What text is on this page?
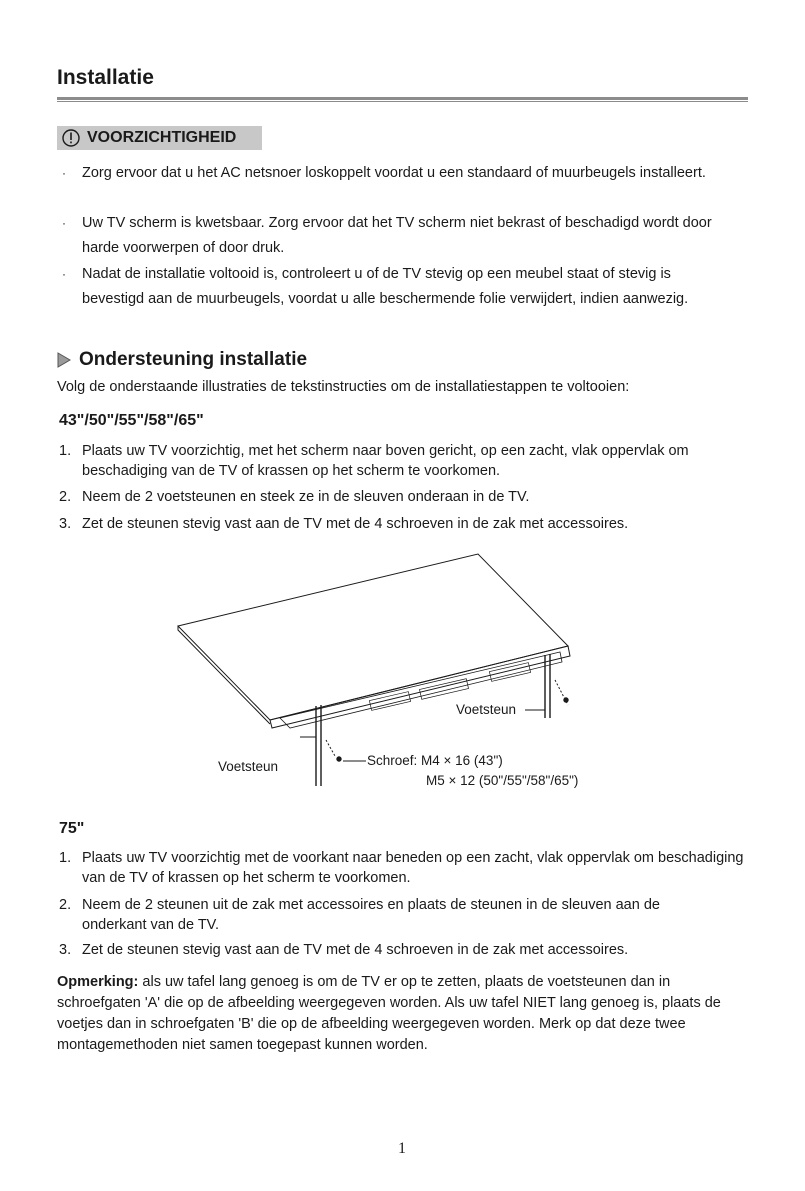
Installatie
VOORZICHTIGHEID
· Zorg ervoor dat u het AC netsnoer loskoppelt voordat u een standaard of muurbeugels installeert.
· Uw TV scherm is kwetsbaar. Zorg ervoor dat het TV scherm niet bekrast of beschadigd wordt door harde voorwerpen of door druk.
· Nadat de installatie voltooid is, controleert u of de TV stevig op een meubel staat of stevig is bevestigd aan de muurbeugels, voordat u alle beschermende folie verwijdert, indien aanwezig.
Ondersteuning installatie
Volg de onderstaande illustraties de tekstinstructies om de installatiestappen te voltooien:
43"/50"/55"/58"/65"
1. Plaats uw TV voorzichtig, met het scherm naar boven gericht, op een zacht, vlak oppervlak om beschadiging van de TV of krassen op het scherm te voorkomen.
2. Neem de 2 voetsteunen en steek ze in de sleuven onderaan in de TV.
3. Zet de steunen stevig vast aan de TV met de 4 schroeven in de zak met accessoires.
Voetsteun
Voetsteun	Schroef: M4 × 16 (43")
M5 × 12 (50"/55"/58"/65")
75"
1. Plaats uw TV voorzichtig met de voorkant naar beneden op een zacht, vlak oppervlak om beschadiging van de TV of krassen op het scherm te voorkomen.
2. Neem de 2 steunen uit de zak met accessoires en plaats de steunen in de sleuven aan de onderkant van de TV.
3. Zet de steunen stevig vast aan de TV met de 4 schroeven in de zak met accessoires.
Opmerking: als uw tafel lang genoeg is om de TV er op te zetten, plaats de voetsteunen dan in schroefgaten 'A' die op de afbeelding weergegeven worden. Als uw tafel NIET lang genoeg is, plaats de voetjes dan in schroefgaten 'B' die op de afbeelding weergegeven worden. Merk op dat deze twee montagemethoden niet samen toegepast kunnen worden.
1
